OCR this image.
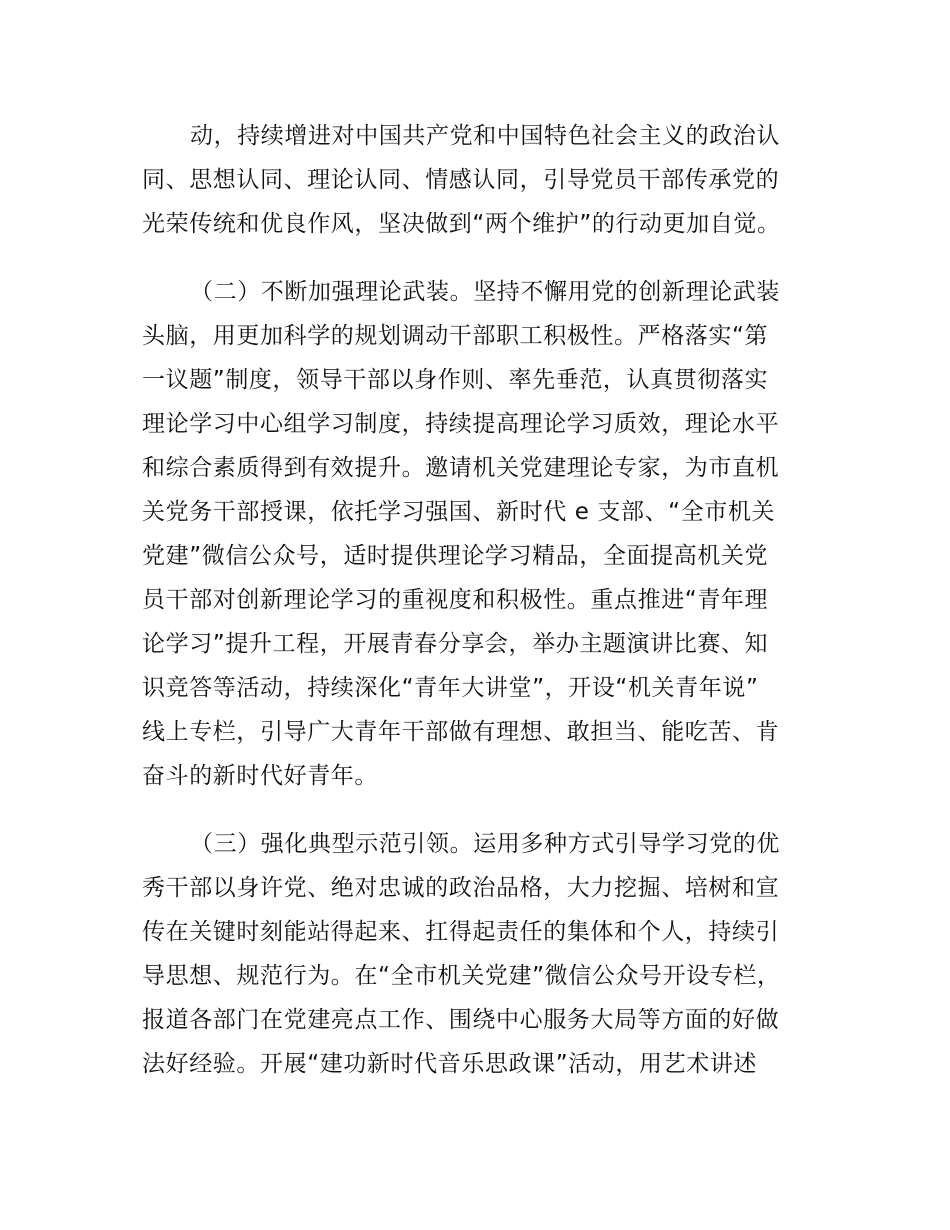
动，持续增进对中国共产党和中国特色社会主义的政治认
同、思想认同、理论认同、情感认同，引导党员干部传承党的
光荣传统和优良作风，坚决做到“两个维护”的行动更加自觉。
（二）不断加强理论武装。坚持不懈用党的创新理论武装
头脑，用更加科学的规划调动干部职工积极性。严格落实“第
一议题”制度，领导干部以身作则、率先垂范，认真贯彻落实
理论学习中心组学习制度，持续提高理论学习质效，理论水平
和综合素质得到有效提升。邀请机关党建理论专家，为市直机
关党务干部授课，依托学习强国、新时代 e 支部、“全市机关
党建”微信公众号，适时提供理论学习精品，全面提高机关党
员干部对创新理论学习的重视度和积极性。重点推进“青年理
论学习”提升工程，开展青春分享会，举办主题演讲比赛、知
识竞答等活动，持续深化“青年大讲堂”，开设“机关青年说”
线上专栏，引导广大青年干部做有理想、敢担当、能吃苦、肯
奋斗的新时代好青年。
（三）强化典型示范引领。运用多种方式引导学习党的优
秀干部以身许党、绝对忠诚的政治品格，大力挖掘、培树和宣
传在关键时刻能站得起来、扛得起责任的集体和个人，持续引
导思想、规范行为。在“全市机关党建”微信公众号开设专栏，
报道各部门在党建亮点工作、围绕中心服务大局等方面的好做
法好经验。开展“建功新时代音乐思政课”活动，用艺术讲述
